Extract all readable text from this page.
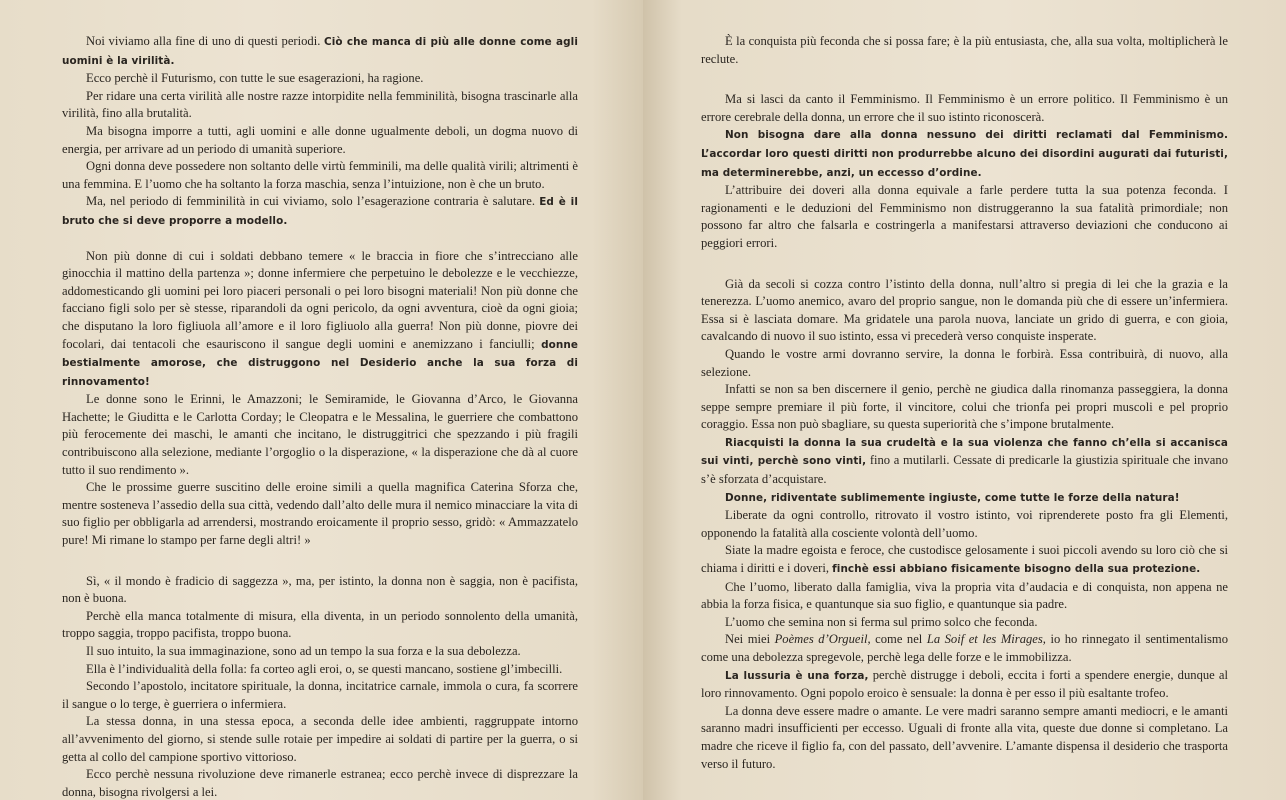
Noi viviamo alla fine di uno di questi periodi. Ciò che manca di più alle donne come agli uomini è la virilità.

Ecco perchè il Futurismo, con tutte le sue esagerazioni, ha ragione.

Per ridare una certa virilità alle nostre razze intorpidite nella femminilità, bisogna trascinarle alla virilità, fino alla brutalità.

Ma bisogna imporre a tutti, agli uomini e alle donne ugualmente deboli, un dogma nuovo di energia, per arrivare ad un periodo di umanità superiore.

Ogni donna deve possedere non soltanto delle virtù femminili, ma delle qualità virili; altrimenti è una femmina. E l’uomo che ha soltanto la forza maschia, senza l’intuizione, non è che un bruto.

Ma, nel periodo di femminilità in cui viviamo, solo l’esagerazione contraria è salutare. Ed è il bruto che si deve proporre a modello.

Non più donne di cui i soldati debbano temere « le braccia in fiore che s’intrecciano alle ginocchia il mattino della partenza »; donne infermiere che perpetuino le debolezze e le vecchiezze, addomesticando gli uomini pei loro piaceri personali o pei loro bisogni materiali! Non più donne che facciano figli solo per sè stesse, riparandoli da ogni pericolo, da ogni avventura, cioè da ogni gioia; che disputano la loro figliuola all’amore e il loro figliuolo alla guerra! Non più donne, piovre dei focolari, dai tentacoli che esauriscono il sangue degli uomini e anemizzano i fanciulli; donne bestialmente amorose, che distruggono nel Desiderio anche la sua forza di rinnovamento!

Le donne sono le Erinni, le Amazzoni; le Semiramide, le Giovanna d’Arco, le Giovanna Hachette; le Giuditta e le Carlotta Corday; le Cleopatra e le Messalina, le guerriere che combattono più ferocemente dei maschi, le amanti che incitano, le distruggitrici che spezzando i più fragili contribuiscono alla selezione, mediante l’orgoglio o la disperazione, « la disperazione che dà al cuore tutto il suo rendimento ».

Che le prossime guerre suscitino delle eroine simili a quella magnifica Caterina Sforza che, mentre sosteneva l’assedio della sua città, vedendo dall’alto delle mura il nemico minacciare la vita di suo figlio per obbligarla ad arrendersi, mostrando eroicamente il proprio sesso, gridò: « Ammazzatelo pure! Mi rimane lo stampo per farne degli altri! »

Sì, « il mondo è fradicio di saggezza », ma, per istinto, la donna non è saggia, non è pacifista, non è buona.

Perchè ella manca totalmente di misura, ella diventa, in un periodo sonnolento della umanità, troppo saggia, troppo pacifista, troppo buona.

Il suo intuito, la sua immaginazione, sono ad un tempo la sua forza e la sua debolezza.

Ella è l’individualità della folla: fa corteo agli eroi, o, se questi mancano, sostiene gl’imbecilli.

Secondo l’apostolo, incitatore spirituale, la donna, incitatrice carnale, immola o cura, fa scorrere il sangue o lo terge, è guerriera o infermiera.

La stessa donna, in una stessa epoca, a seconda delle idee ambienti, raggruppate intorno all’avvenimento del giorno, si stende sulle rotaie per impedire ai soldati di partire per la guerra, o si getta al collo del campione sportivo vittorioso.

Ecco perchè nessuna rivoluzione deve rimanerle estranea; ecco perchè invece di disprezzare la donna, bisogna rivolgersi a lei.

È la conquista più feconda che si possa fare; è la più entusiasta, che, alla sua volta, moltiplicherà le reclute.

Ma si lasci da canto il Femminismo. Il Femminismo è un errore politico. Il Femminismo è un errore cerebrale della donna, un errore che il suo istinto riconoscerà.

Non bisogna dare alla donna nessuno dei diritti reclamati dal Femminismo. L’accordar loro questi diritti non produrrebbe alcuno dei disordini augurati dai futuristi, ma determinerebbe, anzi, un eccesso d’ordine.

L’attribuire dei doveri alla donna equivale a farle perdere tutta la sua potenza feconda. I ragionamenti e le deduzioni del Femminismo non distruggeranno la sua fatalità primordiale; non possono far altro che falsarla e costringerla a manifestarsi attraverso deviazioni che conducono ai peggiori errori.

Già da secoli si cozza contro l’istinto della donna, null’altro si pregia di lei che la grazia e la tenerezza. L’uomo anemico, avaro del proprio sangue, non le domanda più che di essere un’infermiera. Essa si è lasciata domare. Ma gridatele una parola nuova, lanciate un grido di guerra, e con gioia, cavalcando di nuovo il suo istinto, essa vi precederà verso conquiste insperate.

Quando le vostre armi dovranno servire, la donna le forbirà. Essa contribuirà, di nuovo, alla selezione.

Infatti se non sa ben discernere il genio, perchè ne giudica dalla rinomanza passeggiera, la donna seppe sempre premiare il più forte, il vincitore, colui che trionfa pei propri muscoli e pel proprio coraggio. Essa non può sbagliare, su questa superiorità che s’impone brutalmente.

Riacquisti la donna la sua crudeltà e la sua violenza che fanno ch’ella si accanisca sui vinti, perchè sono vinti, fino a mutilarli. Cessate di predicarle la giustizia spirituale che invano s’è sforzata d’acquistare.

Donne, ridiventate sublimemente ingiuste, come tutte le forze della natura!

Liberate da ogni controllo, ritrovato il vostro istinto, voi riprenderete posto fra gli Elementi, opponendo la fatalità alla cosciente volontà dell’uomo.

Siate la madre egoista e feroce, che custodisce gelosamente i suoi piccoli avendo su loro ciò che si chiama i diritti e i doveri, finchè essi abbiano fisicamente bisogno della sua protezione.

Che l’uomo, liberato dalla famiglia, viva la propria vita d’audacia e di conquista, non appena ne abbia la forza fisica, e quantunque sia suo figlio, e quantunque sia padre.

L’uomo che semina non si ferma sul primo solco che feconda.

Nei miei Poèmes d’Orgueil, come nel La Soif et les Mirages, io ho rinnegato il sentimentalismo come una debolezza spregevole, perchè lega delle forze e le immobilizza.

La lussuria è una forza, perchè distrugge i deboli, eccita i forti a spendere energie, dunque al loro rinnovamento. Ogni popolo eroico è sensuale: la donna è per esso il più esaltante trofeo.

La donna deve essere madre o amante. Le vere madri saranno sempre amanti mediocri, e le amanti saranno madri insufficienti per eccesso. Uguali di fronte alla vita, queste due donne si completano. La madre che riceve il figlio fa, con del passato, dell’avvenire. L’amante dispensa il desiderio che trasporta verso il futuro.
